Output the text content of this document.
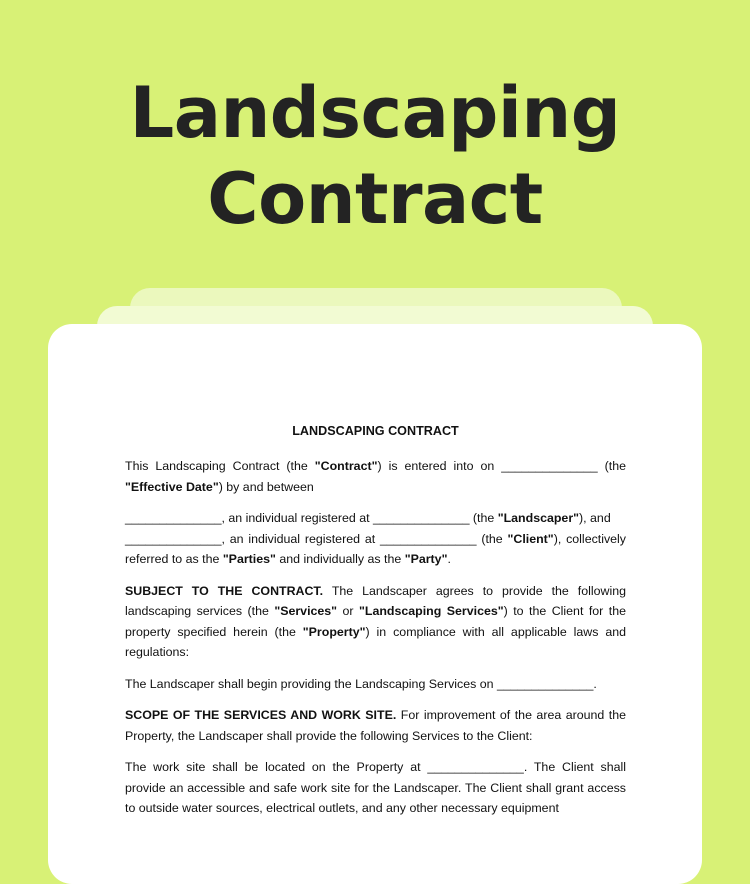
Landscaping
Contract
LANDSCAPING CONTRACT

This Landscaping Contract (the "Contract") is entered into on ______________ (the "Effective Date") by and between

______________, an individual registered at ______________ (the "Landscaper"), and

______________, an individual registered at ______________ (the "Client"), collectively referred to as the "Parties" and individually as the "Party".

SUBJECT TO THE CONTRACT. The Landscaper agrees to provide the following landscaping services (the "Services" or "Landscaping Services") to the Client for the property specified herein (the "Property") in compliance with all applicable laws and regulations:

The Landscaper shall begin providing the Landscaping Services on ______________.

SCOPE OF THE SERVICES AND WORK SITE. For improvement of the area around the Property, the Landscaper shall provide the following Services to the Client:

The work site shall be located on the Property at ______________. The Client shall provide an accessible and safe work site for the Landscaper. The Client shall grant access to outside water sources, electrical outlets, and any other necessary equipment
